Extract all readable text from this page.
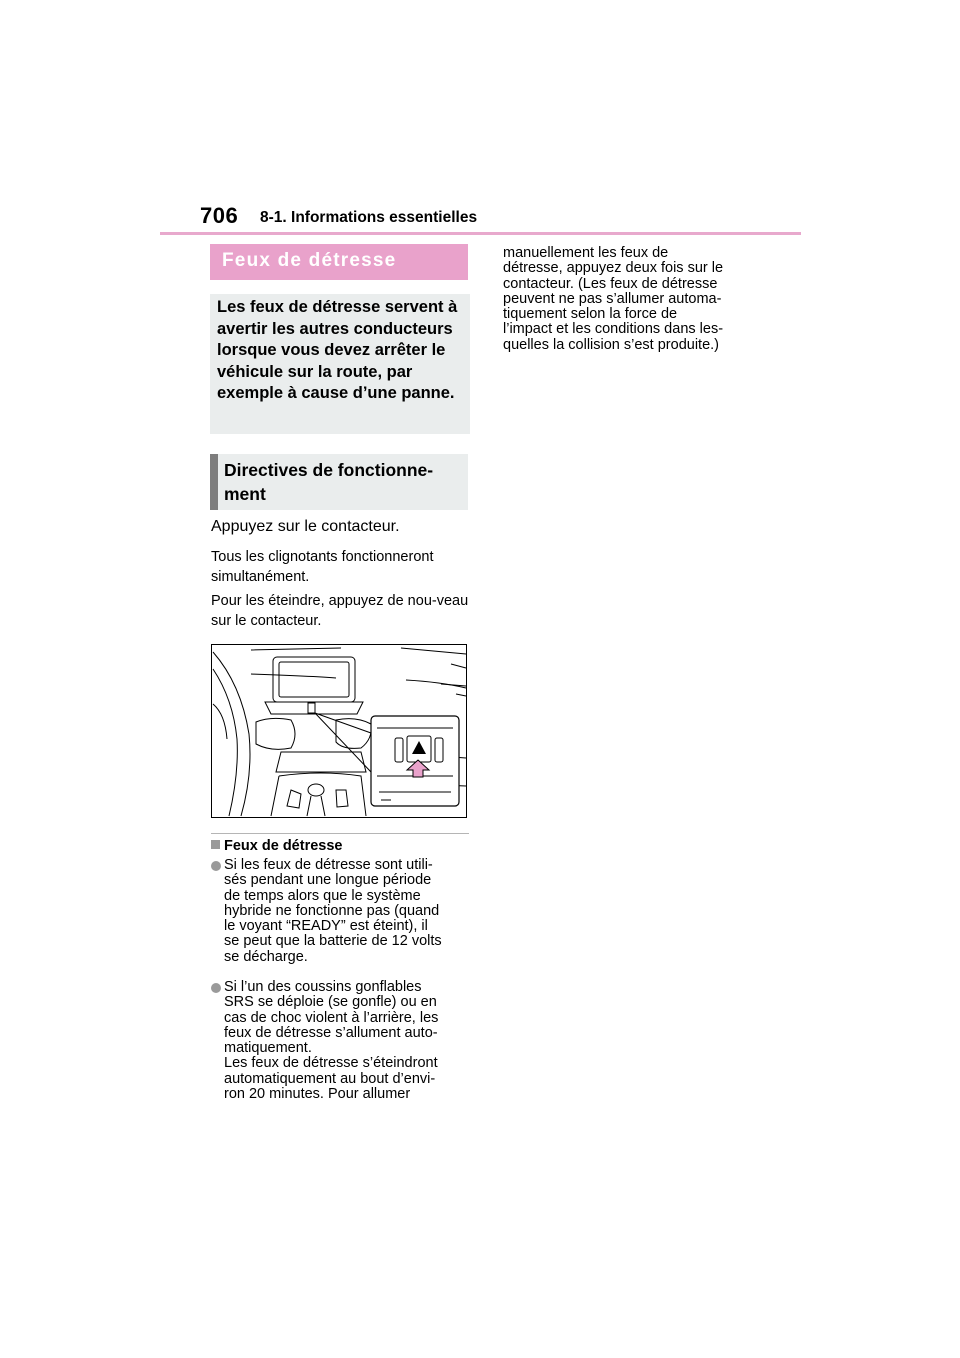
706 8-1. Informations essentielles
Feux de détresse

Les feux de détresse servent à avertir les autres conducteurs lorsque vous devez arrêter le véhicule sur la route, par exemple à cause d’une panne.

Directives de fonctionne-
ment
Appuyez sur le contacteur.
Tous les clignotants fonctionneront simultanément.
Pour les éteindre, appuyez de nou-veau sur le contacteur.
Feux de détresse
Si les feux de détresse sont utili-
sés pendant une longue période
de temps alors que le système
hybride ne fonctionne pas (quand
le voyant “READY” est éteint), il
se peut que la batterie de 12 volts
se décharge.
Si l’un des coussins gonflables
SRS se déploie (se gonfle) ou en
cas de choc violent à l’arrière, les
feux de détresse s’allument auto-
matiquement.
Les feux de détresse s’éteindront
automatiquement au bout d’envi-
ron 20 minutes. Pour allumer
manuellement les feux de
détresse, appuyez deux fois sur le
contacteur. (Les feux de détresse
peuvent ne pas s’allumer automa-
tiquement selon la force de
l’impact et les conditions dans les-
quelles la collision s’est produite.)
